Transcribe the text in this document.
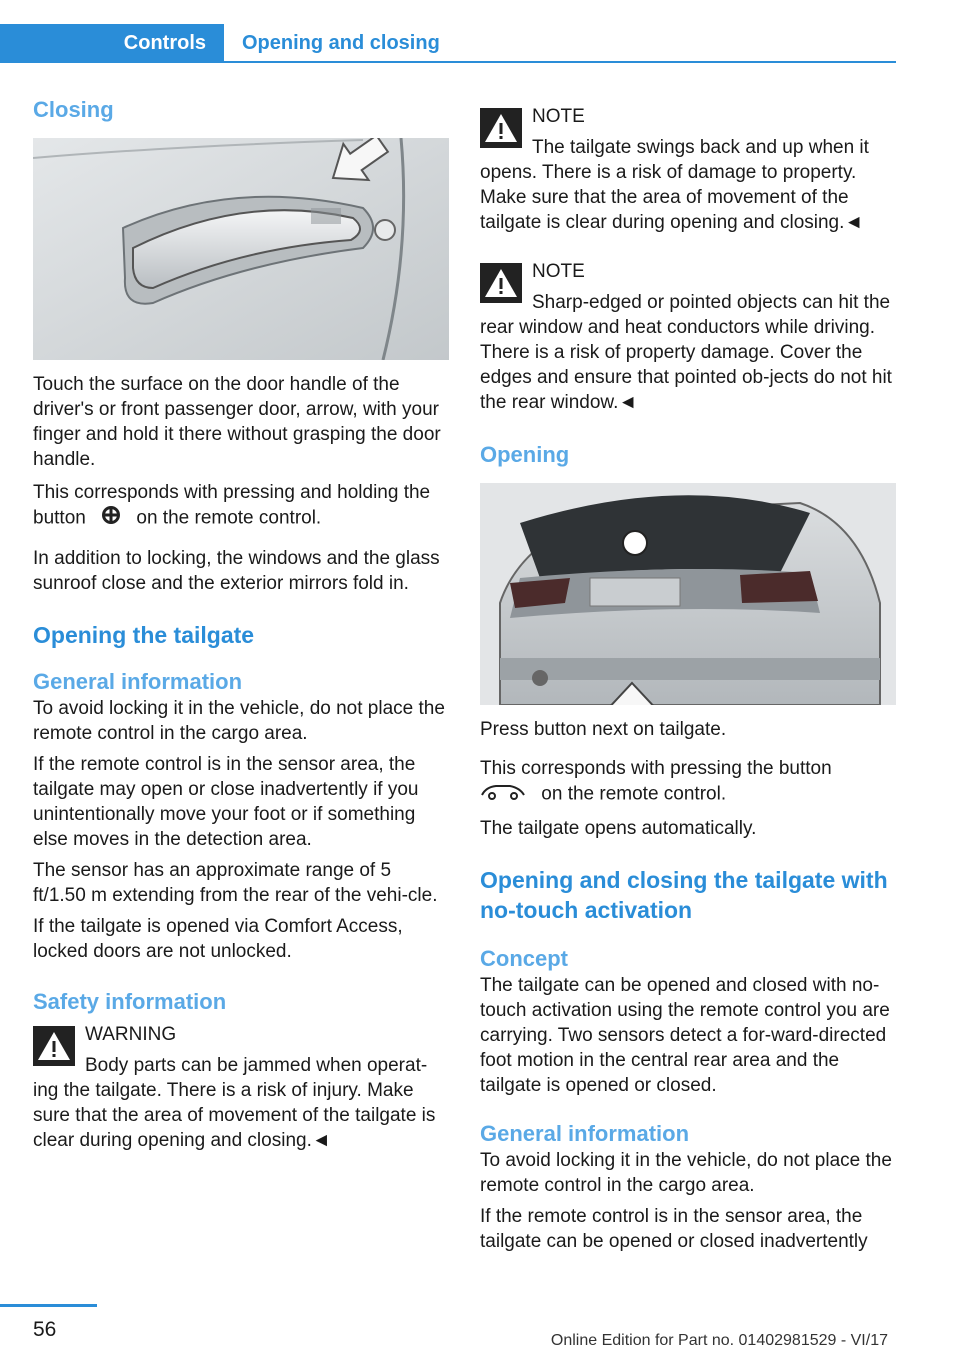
Controls	Opening and closing
Closing

Touch the surface on the door handle of the driver's or front passenger door, arrow, with your finger and hold it there without grasping the door handle.

This corresponds with pressing and holding the button	on the remote control.

In addition to locking, the windows and the glass sunroof close and the exterior mirrors fold in.

Opening the tailgate
General information

To avoid locking it in the vehicle, do not place the remote control in the cargo area.

If the remote control is in the sensor area, the tailgate may open or close inadvertently if you unintentionally move your foot or if something else moves in the detection area.

The sensor has an approximate range of 5 ft/1.50 m extending from the rear of the vehi‐cle.

If the tailgate is opened via Comfort Access, locked doors are not unlocked.

Safety information
WARNING

Body parts can be jammed when operat‐ing the tailgate. There is a risk of injury. Make sure that the area of movement of the tailgate is clear during opening and closing.◄

NOTE

The tailgate swings back and up when it opens. There is a risk of damage to property. Make sure that the area of movement of the tailgate is clear during opening and closing.◄

NOTE

Sharp-edged or pointed objects can hit the rear window and heat conductors while driving. There is a risk of property damage. Cover the edges and ensure that pointed ob‐jects do not hit the rear window.◄

Opening

Press button next on tailgate.

This corresponds with pressing the button
on the remote control.

The tailgate opens automatically.

Opening and closing the tailgate with no-touch activation
Concept

The tailgate can be opened and closed with no-touch activation using the remote control you are carrying. Two sensors detect a for‐ward-directed foot motion in the central rear area and the tailgate is opened or closed.

General information

To avoid locking it in the vehicle, do not place the remote control in the cargo area.

If the remote control is in the sensor area, the tailgate can be opened or closed inadvertently

56	Online Edition for Part no. 01402981529 - VI/17
